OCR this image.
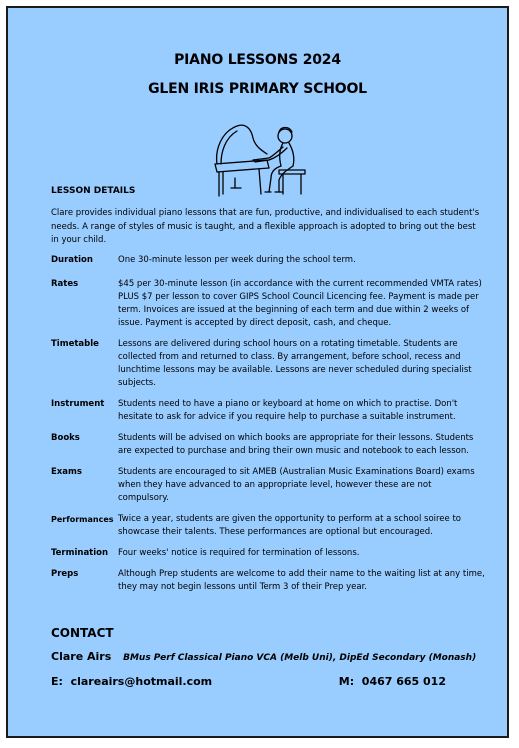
PIANO LESSONS 2024
GLEN IRIS PRIMARY SCHOOL
LESSON DETAILS
Clare provides individual piano lessons that are fun, productive, and individualised to each student's needs. A range of styles of music is taught, and a flexible approach is adopted to bring out the best in your child.
Duration	One 30-minute lesson per week during the school term.
Rates	$45 per 30-minute lesson (in accordance with the current recommended VMTA rates) PLUS $7 per lesson to cover GIPS School Council Licencing fee. Payment is made per term. Invoices are issued at the beginning of each term and due within 2 weeks of issue. Payment is accepted by direct deposit, cash, and cheque.
Timetable	Lessons are delivered during school hours on a rotating timetable. Students are collected from and returned to class. By arrangement, before school, recess and lunchtime lessons may be available. Lessons are never scheduled during specialist subjects.
Instrument	Students need to have a piano or keyboard at home on which to practise. Don't hesitate to ask for advice if you require help to purchase a suitable instrument.
Books	Students will be advised on which books are appropriate for their lessons. Students are expected to purchase and bring their own music and notebook to each lesson.
Exams	Students are encouraged to sit AMEB (Australian Music Examinations Board) exams when they have advanced to an appropriate level, however these are not compulsory.
Performances Twice a year, students are given the opportunity to perform at a school soiree to showcase their talents. These performances are optional but encouraged.
Termination	Four weeks' notice is required for termination of lessons.
Preps	Although Prep students are welcome to add their name to the waiting list at any time, they may not begin lessons until Term 3 of their Prep year.
CONTACT
Clare Airs BMus Perf Classical Piano VCA (Melb Uni), DipEd Secondary (Monash)
E: clareairs@hotmail.com	M: 0467 665 012
